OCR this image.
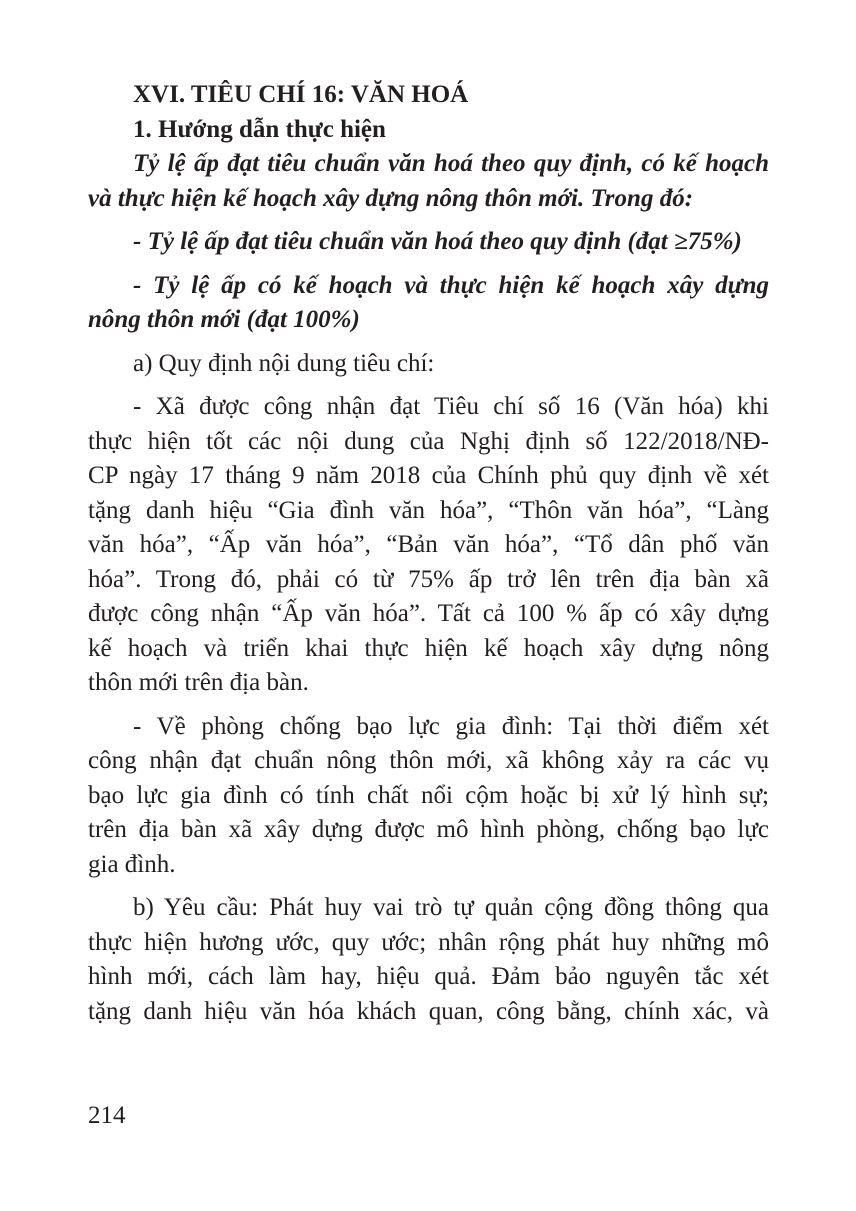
XVI. TIÊU CHÍ 16: VĂN HOÁ

1. Hướng dẫn thực hiện

Tỷ lệ ấp đạt tiêu chuẩn văn hoá theo quy định, có kế hoạch

và thực hiện kế hoạch xây dựng nông thôn mới. Trong đó:

- Tỷ lệ ấp đạt tiêu chuẩn văn hoá theo quy định (đạt ≥75%)

- Tỷ lệ ấp có kế hoạch và thực hiện kế hoạch xây dựng

nông thôn mới (đạt 100%)

a) Quy định nội dung tiêu chí:

- Xã được công nhận đạt Tiêu chí số 16 (Văn hóa) khi

thực hiện tốt các nội dung của Nghị định số 122/2018/NĐ-

CP ngày 17 tháng 9 năm 2018 của Chính phủ quy định về xét

tặng danh hiệu “Gia đình văn hóa”, “Thôn văn hóa”, “Làng

văn hóa”, “Ấp văn hóa”, “Bản văn hóa”, “Tổ dân phố văn

hóa”. Trong đó, phải có từ 75% ấp trở lên trên địa bàn xã

được công nhận “Ấp văn hóa”. Tất cả 100 % ấp có xây dựng

kế hoạch và triển khai thực hiện kế hoạch xây dựng nông

thôn mới trên địa bàn.

- Về phòng chống bạo lực gia đình: Tại thời điểm xét

công nhận đạt chuẩn nông thôn mới, xã không xảy ra các vụ

bạo lực gia đình có tính chất nổi cộm hoặc bị xử lý hình sự;

trên địa bàn xã xây dựng được mô hình phòng, chống bạo lực

gia đình.

b) Yêu cầu: Phát huy vai trò tự quản cộng đồng thông qua

thực hiện hương ước, quy ước; nhân rộng phát huy những mô

hình mới, cách làm hay, hiệu quả. Đảm bảo nguyên tắc xét

tặng danh hiệu văn hóa khách quan, công bằng, chính xác, và

214
